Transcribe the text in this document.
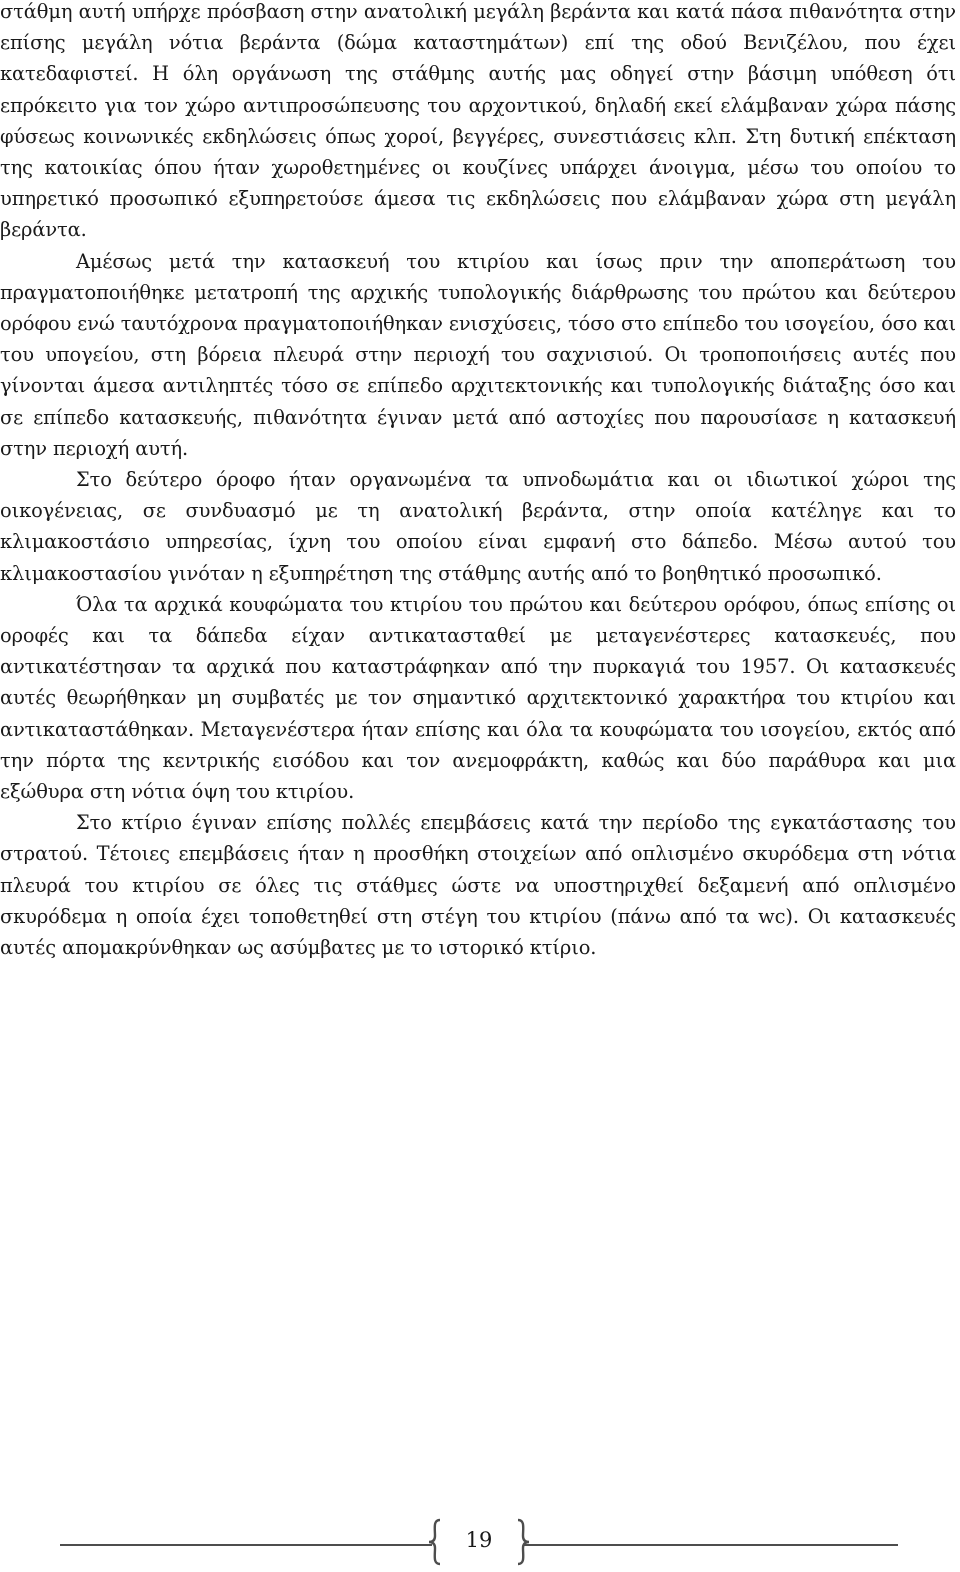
στάθμη αυτή υπήρχε πρόσβαση στην ανατολική μεγάλη βεράντα και κατά πάσα πιθανότητα στην επίσης μεγάλη νότια βεράντα (δώμα καταστημάτων) επί της οδού Βενιζέλου, που έχει κατεδαφιστεί. Η όλη οργάνωση της στάθμης αυτής μας οδηγεί στην βάσιμη υπόθεση ότι επρόκειτο για τον χώρο αντιπροσώπευσης του αρχοντικού, δηλαδή εκεί ελάμβαναν χώρα πάσης φύσεως κοινωνικές εκδηλώσεις όπως χοροί, βεγγέρες, συνεστιάσεις κλπ. Στη δυτική επέκταση της κατοικίας όπου ήταν χωροθετημένες οι κουζίνες υπάρχει άνοιγμα, μέσω του οποίου το υπηρετικό προσωπικό εξυπηρετούσε άμεσα τις εκδηλώσεις που ελάμβαναν χώρα στη μεγάλη βεράντα.

Αμέσως μετά την κατασκευή του κτιρίου και ίσως πριν την αποπεράτωση του πραγματοποιήθηκε μετατροπή της αρχικής τυπολογικής διάρθρωσης του πρώτου και δεύτερου ορόφου ενώ ταυτόχρονα πραγματοποιήθηκαν ενισχύσεις, τόσο στο επίπεδο του ισογείου, όσο και του υπογείου, στη βόρεια πλευρά στην περιοχή του σαχνισιού. Οι τροποποιήσεις αυτές που γίνονται άμεσα αντιληπτές τόσο σε επίπεδο αρχιτεκτονικής και τυπολογικής διάταξης όσο και σε επίπεδο κατασκευής, πιθανότητα έγιναν μετά από αστοχίες που παρουσίασε η κατασκευή στην περιοχή αυτή.

Στο δεύτερο όροφο ήταν οργανωμένα τα υπνοδωμάτια και οι ιδιωτικοί χώροι της οικογένειας, σε συνδυασμό με τη ανατολική βεράντα, στην οποία κατέληγε και το κλιμακοστάσιο υπηρεσίας, ίχνη του οποίου είναι εμφανή στο δάπεδο. Μέσω αυτού του κλιμακοστασίου γινόταν η εξυπηρέτηση της στάθμης αυτής από το βοηθητικό προσωπικό.

Όλα τα αρχικά κουφώματα του κτιρίου του πρώτου και δεύτερου ορόφου, όπως επίσης οι οροφές και τα δάπεδα είχαν αντικατασταθεί με μεταγενέστερες κατασκευές, που αντικατέστησαν τα αρχικά που καταστράφηκαν από την πυρκαγιά του 1957. Οι κατασκευές αυτές θεωρήθηκαν μη συμβατές με τον σημαντικό αρχιτεκτονικό χαρακτήρα του κτιρίου και αντικαταστάθηκαν. Μεταγενέστερα ήταν επίσης και όλα τα κουφώματα του ισογείου, εκτός από την πόρτα της κεντρικής εισόδου και τον ανεμοφράκτη, καθώς και δύο παράθυρα και μια εξώθυρα στη νότια όψη του κτιρίου.

Στο κτίριο έγιναν επίσης πολλές επεμβάσεις κατά την περίοδο της εγκατάστασης του στρατού. Τέτοιες επεμβάσεις ήταν η προσθήκη στοιχείων από οπλισμένο σκυρόδεμα στη νότια πλευρά του κτιρίου σε όλες τις στάθμες ώστε να υποστηριχθεί δεξαμενή από οπλισμένο σκυρόδεμα η οποία έχει τοποθετηθεί στη στέγη του κτιρίου (πάνω από τα wc). Οι κατασκευές αυτές απομακρύνθηκαν ως ασύμβατες με το ιστορικό κτίριο.

19
